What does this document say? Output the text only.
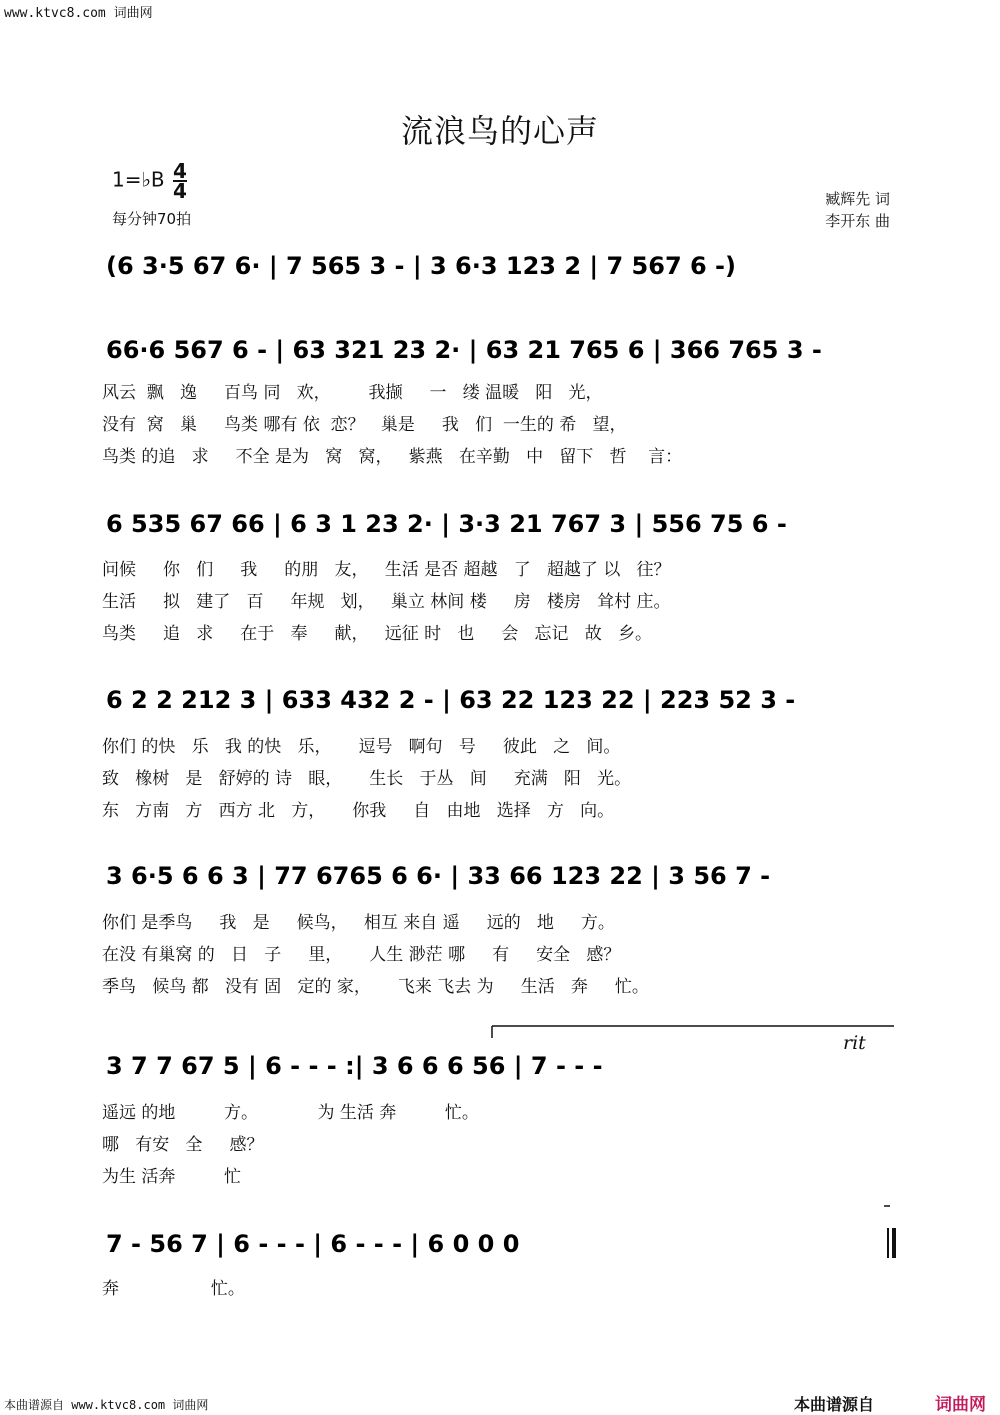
www.ktvc8.com 词曲网
流浪鸟的心声
1=♭B $\frac{4}{4}$
每分钟70拍
臧辉先 词
李开东 曲
(6 3·5 67 6· | 7 565 3 - | 3 6·3 123 2 | 7 567 6 -)
66·6 567 6 - | 63 321 23 2· | 63 21 765 6 | 366 765 3 -
6 535 67 66 | 6 3 1 23 2· | 3·3 21 767 3 | 556 75 6 -
6 2 2 212 3 | 633 432 2 - | 63 22 123 22 | 223 52 3 -
3 6·5 6 6 3 | 77 6765 6 6· | 33 66 123 22 | 3 56 7 -
3 7 7 67 5 | 6 - - - :| 3 6 6 6 56 | 7 - - -
rit
7 - 56 7 | 6 - - - | 6 - - - | 6 0 0 0
风云  飘   逸     百鸟 同   欢，       我撷     一   缕 温暖   阳   光，
没有  窝   巢     鸟类 哪有 依  恋？   巢是     我   们  一生的 希   望，
鸟类 的追   求     不全 是为   窝   窝，   紫燕   在辛勤   中   留下   哲    言：
问候     你   们     我     的朋   友，   生活 是否 超越   了   超越了 以   往？
生活     拟   建了   百     年规   划，   巢立 林间 楼     房   楼房   耸村 庄。
鸟类     追   求     在于   奉     献，   远征 时   也     会   忘记   故   乡。
你们 的快   乐   我 的快   乐，     逗号   啊句   号     彼此   之   间。
致   橡树   是   舒婷的 诗   眼，     生长   于丛   间     充满   阳   光。
东   方南   方   西方 北   方，     你我     自   由地   选择   方   向。
你们 是季鸟     我   是     候鸟，   相互 来自 遥     远的   地     方。
在没 有巢窝 的   日   子     里，     人生 渺茫 哪     有     安全   感？
季鸟   候鸟 都   没有 固   定的 家，     飞来 飞去 为     生活   奔     忙。
遥远 的地         方。           为 生活 奔         忙。
哪   有安   全     感？
为生 活奔         忙
奔                 忙。
本曲谱源自 www.ktvc8.com 词曲网	本曲谱源自	词曲网
